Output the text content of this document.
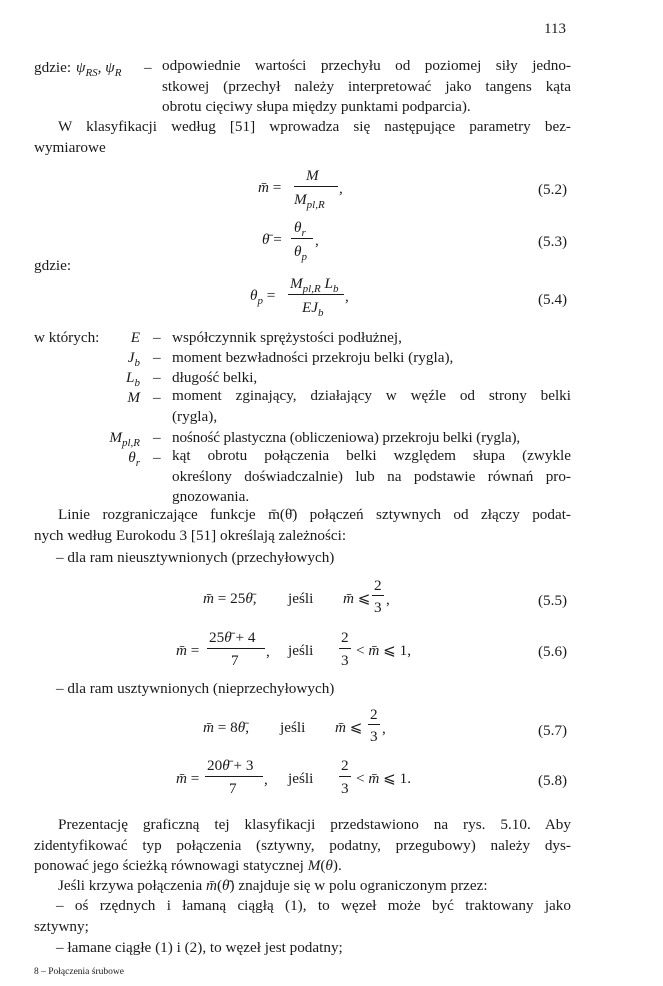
113
gdzie: $\psi_{RS}$, $\psi_R$ – odpowiednie wartości przechyłu od poziomej siły jedno-
stkowej (przechył należy interpretować jako tangens kąta
obrotu cięciwy słupa między punktami podparcia).
W klasyfikacji według [51] wprowadza się następujące parametry bez-
wymiarowe
m̄ =
M
$M_{pl,R}$
,	(5.2)
θ̄ =
$\theta_r$
$\theta_p$
,	(5.3)
gdzie:
$\theta_p$ =
$M_{pl,R}$ $L_b$
$EJ_b$
,	(5.4)
w których:	E – współczynnik sprężystości podłużnej,
$J_b$ – moment bezwładności przekroju belki (rygla),
$L_b$ – długość belki,
M – moment zginający, działający w węźle od strony belki
(rygla),
$M_{pl,R}$ – nośność plastyczna (obliczeniowa) przekroju belki (rygla),
$\theta_r$ – kąt obrotu połączenia belki względem słupa (zwykle
określony doświadczalnie) lub na podstawie równań pro-
gnozowania.
Linie rozgraniczające funkcje m̄(θ̄) połączeń sztywnych od złączy podat-
nych według Eurokodu 3 [51] określają zależności:
– dla ram nieusztywnionych (przechyłowych)
m̄ = 25θ̄, jeśli m̄ ⩽
2
3 ,	(5.5)
m̄ =
25θ̄ + 4
7
, jeśli
2
3
< m̄ ⩽ 1,	(5.6)
– dla ram usztywnionych (nieprzechyłowych)
m̄ = 8θ̄, jeśli m̄ ⩽
2
3 ,	(5.7)
m̄ =
20θ̄ + 3
7
, jeśli
2
3
< m̄ ⩽ 1.	(5.8)
Prezentację graficzną tej klasyfikacji przedstawiono na rys. 5.10. Aby
zidentyfikować typ połączenia (sztywny, podatny, przegubowy) należy dys-
ponować jego ścieżką równowagi statycznej M(θ).
Jeśli krzywa połączenia m̄(θ̄) znajduje się w polu ograniczonym przez:
– oś rzędnych i łamaną ciągłą (1), to węzeł może być traktowany jako
sztywny;
– łamane ciągłe (1) i (2), to węzeł jest podatny;
8 – Połączenia śrubowe
